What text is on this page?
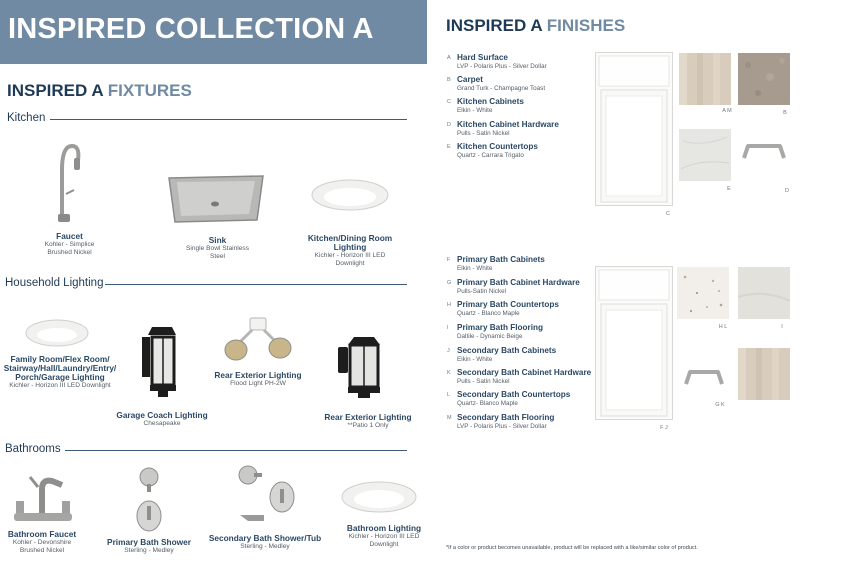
INSPIRED COLLECTION A
INSPIRED A FIXTURES
INSPIRED A FINISHES
Kitchen
Faucet
Kohler - Simplice
Brushed Nickel
Sink
Single Bowl Stainless
Steel
Kitchen/Dining Room Lighting
Kichler - Horizon III LED
Downlight
Household Lighting
Family Room/Flex Room/ Stairway/Hall/Laundry/Entry/ Porch/Garage Lighting
Kichler - Horizon III LED Downlight
Garage Coach Lighting
Chesapeake
Rear Exterior Lighting
Flood Light PH-2W
Rear Exterior Lighting
**Patio 1 Only
Bathrooms
Bathroom Faucet
Kohler - Devonshire
Brushed Nickel
Primary Bath Shower
Sterling - Medley
Secondary Bath Shower/Tub
Sterling - Medley
Bathroom Lighting
Kichler - Horizon III LED
Downlight
A Hard Surface
LVP - Polaris Plus - Silver Dollar
B Carpet
Grand Turk - Champagne Toast
C Kitchen Cabinets
Elkin - White
D Kitchen Cabinet Hardware
Pulls - Satin Nickel
E Kitchen Countertops
Quartz - Carrara Trigato
C
A M	B
E	D
F Primary Bath Cabinets
Elkin - White
G Primary Bath Cabinet Hardware
Pulls-Satin Nickel
H Primary Bath Countertops
Quartz - Blanco Maple
I Primary Bath Flooring
Daltile - Dynamic Beige
J Secondary Bath Cabinets
Elkin - White
K Secondary Bath Cabinet Hardware
Pulls - Satin Nickel
L Secondary Bath Countertops
Quartz- Blanco Maple
M Secondary Bath Flooring
LVP - Polaris Plus - Silver Dollar	F J
H L	I
G K
*If a color or product becomes unavailable, product will be replaced with a like/similar color of product.
